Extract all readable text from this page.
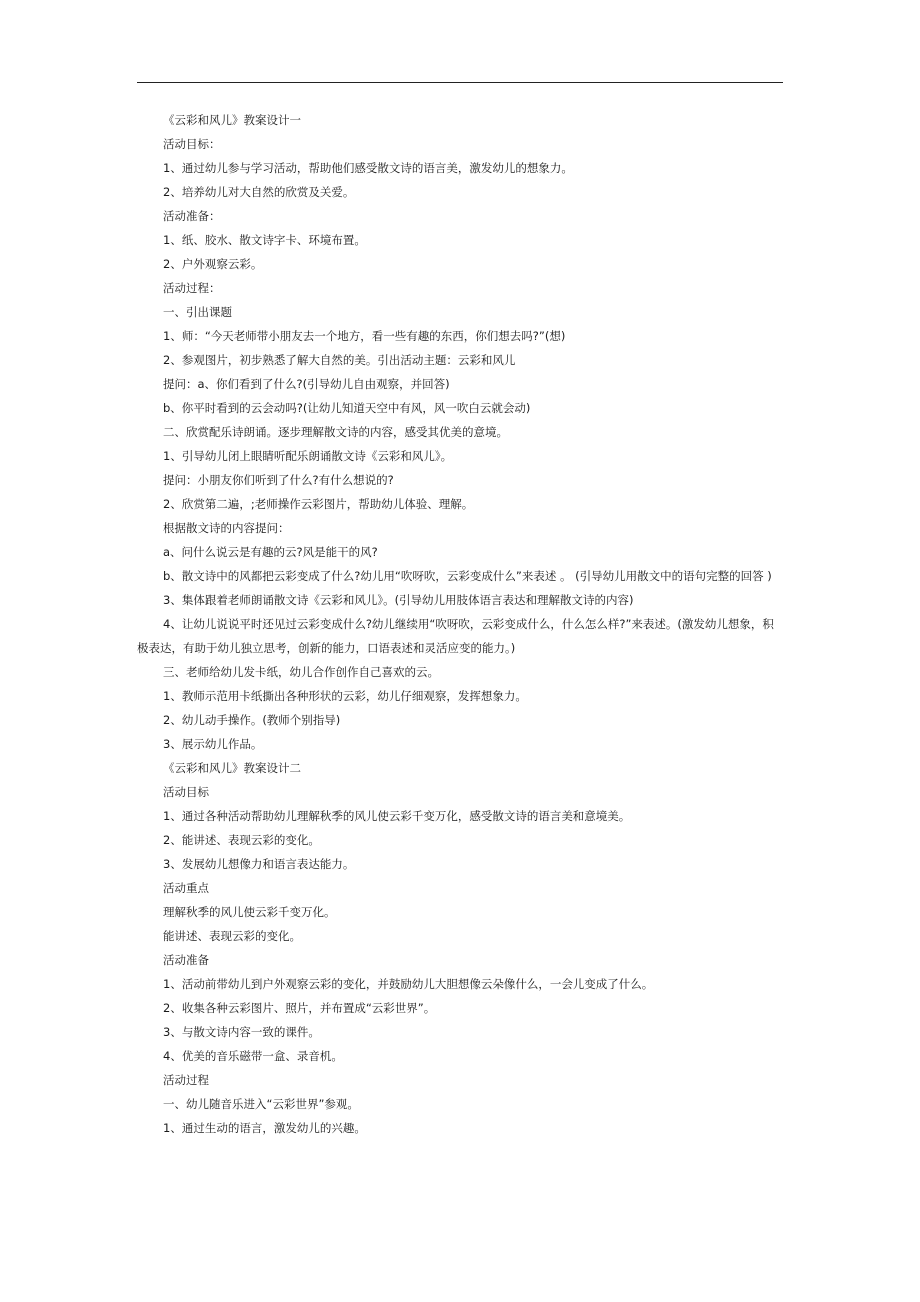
《云彩和风儿》教案设计一
活动目标：
1、通过幼儿参与学习活动，帮助他们感受散文诗的语言美，激发幼儿的想象力。
2、培养幼儿对大自然的欣赏及关爱。
活动准备：
1、纸、胶水、散文诗字卡、环境布置。
2、户外观察云彩。
活动过程：
一、引出课题
1、师：“今天老师带小朋友去一个地方，看一些有趣的东西，你们想去吗?”(想)
2、参观图片，初步熟悉了解大自然的美。引出活动主题：云彩和风儿
提问：a、你们看到了什么?(引导幼儿自由观察，并回答)
b、你平时看到的云会动吗?(让幼儿知道天空中有风，风一吹白云就会动)
二、欣赏配乐诗朗诵。逐步理解散文诗的内容，感受其优美的意境。
1、引导幼儿闭上眼睛听配乐朗诵散文诗《云彩和风儿》。
提问：小朋友你们听到了什么?有什么想说的?
2、欣赏第二遍，;老师操作云彩图片，帮助幼儿体验、理解。
根据散文诗的内容提问：
a、问什么说云是有趣的云?风是能干的风?
b、散文诗中的风都把云彩变成了什么?幼儿用“吹呀吹，云彩变成什么”来表述 。 (引导幼儿用散文中的语句完整的回答 )
3、集体跟着老师朗诵散文诗《云彩和风儿》。(引导幼儿用肢体语言表达和理解散文诗的内容)
4、让幼儿说说平时还见过云彩变成什么?幼儿继续用“吹呀吹，云彩变成什么，什么怎么样?”来表述。(激发幼儿想象，积极表达，有助于幼儿独立思考，创新的能力，口语表述和灵活应变的能力。)
三、老师给幼儿发卡纸，幼儿合作创作自己喜欢的云。
1、教师示范用卡纸撕出各种形状的云彩，幼儿仔细观察，发挥想象力。
2、幼儿动手操作。(教师个别指导)
3、展示幼儿作品。
《云彩和风儿》教案设计二
活动目标
1、通过各种活动帮助幼儿理解秋季的风儿使云彩千变万化，感受散文诗的语言美和意境美。
2、能讲述、表现云彩的变化。
3、发展幼儿想像力和语言表达能力。
活动重点
理解秋季的风儿使云彩千变万化。
能讲述、表现云彩的变化。
活动准备
1、活动前带幼儿到户外观察云彩的变化，并鼓励幼儿大胆想像云朵像什么，一会儿变成了什么。
2、收集各种云彩图片、照片，并布置成“云彩世界”。
3、与散文诗内容一致的课件。
4、优美的音乐磁带一盒、录音机。
活动过程
一、幼儿随音乐进入“云彩世界”参观。
1、通过生动的语言，激发幼儿的兴趣。
